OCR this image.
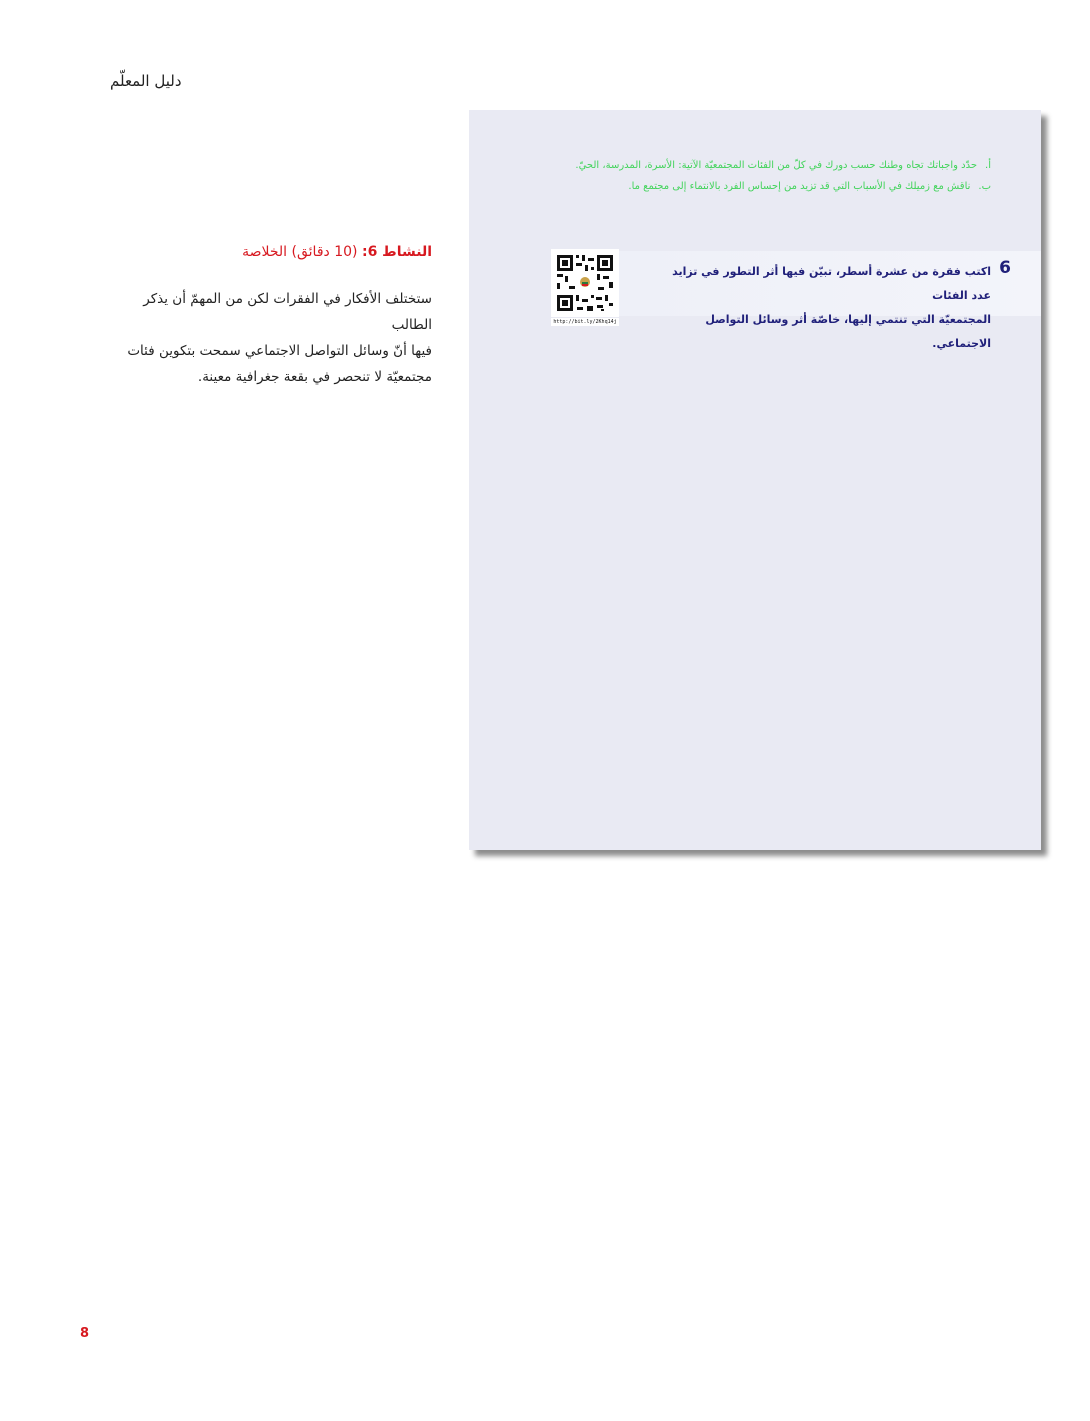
دليل المعلّم
النشاط 6: (10 دقائق) الخلاصة

ستختلف الأفكار في الفقرات لكن من المهمّ أن يذكر الطالب

فيها أنّ وسائل التواصل الاجتماعي سمحت بتكوين فئات

مجتمعيّة لا تنحصر في بقعة جغرافية معينة.

أ.حدّد واجباتك تجاه وطنك حسب دورك في كلّ من الفئات المجتمعيّة الآتية: الأسرة، المدرسة، الحيّ.
ب.ناقش مع زميلك في الأسباب التي قد تزيد من إحساس الفرد بالانتماء إلى مجتمع ما.
6
اكتب فقرة من عشرة أسطر، تبيّن فيها أثر التطور في تزايد عدد الفئات
المجتمعيّة التي تنتمي إليها، خاصّة أثر وسائل التواصل الاجتماعي.
http://bit.ly/2Khq14j
8
